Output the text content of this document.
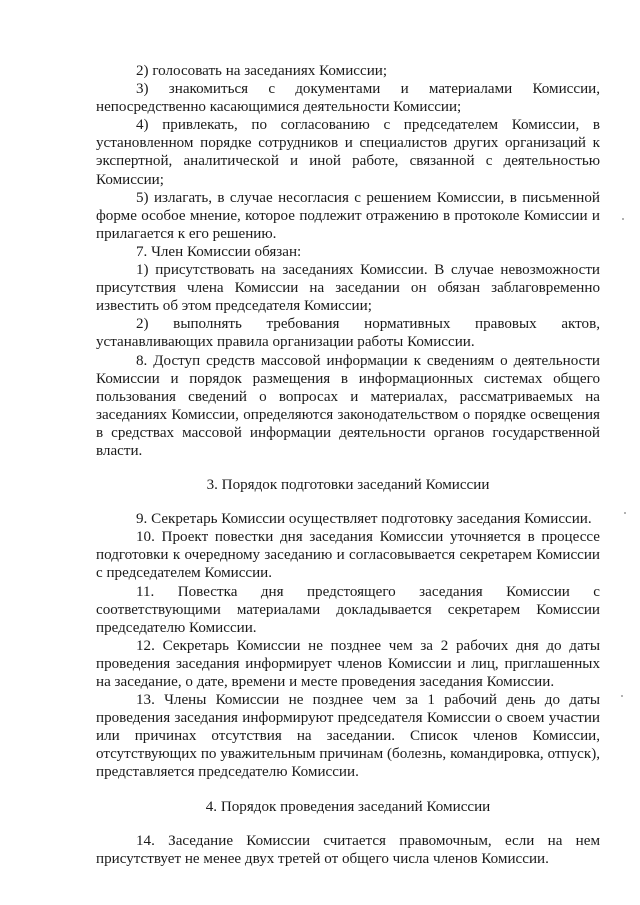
2) голосовать на заседаниях Комиссии;

3) знакомиться с документами и материалами Комиссии, непосредственно касающимися деятельности Комиссии;

4) привлекать, по согласованию с председателем Комиссии, в установленном порядке сотрудников и специалистов других организаций к экспертной, аналитической и иной работе, связанной с деятельностью Комиссии;

5) излагать, в случае несогласия с решением Комиссии, в письменной форме особое мнение, которое подлежит отражению в протоколе Комиссии и прилагается к его решению.

7. Член Комиссии обязан:

1) присутствовать на заседаниях Комиссии. В случае невозможности присутствия члена Комиссии на заседании он обязан заблаговременно известить об этом председателя Комиссии;

2) выполнять требования нормативных правовых актов, устанавливающих правила организации работы Комиссии.

8. Доступ средств массовой информации к сведениям о деятельности Комиссии и порядок размещения в информационных системах общего пользования сведений о вопросах и материалах, рассматриваемых на заседаниях Комиссии, определяются законодательством о порядке освещения в средствах массовой информации деятельности органов государственной власти.

3. Порядок подготовки заседаний Комиссии

9. Секретарь Комиссии осуществляет подготовку заседания Комиссии.

10. Проект повестки дня заседания Комиссии уточняется в процессе подготовки к очередному заседанию и согласовывается секретарем Комиссии с председателем Комиссии.

11. Повестка дня предстоящего заседания Комиссии с соответствующими материалами докладывается секретарем Комиссии председателю Комиссии.

12. Секретарь Комиссии не позднее чем за 2 рабочих дня до даты проведения заседания информирует членов Комиссии и лиц, приглашенных на заседание, о дате, времени и месте проведения заседания Комиссии.

13. Члены Комиссии не позднее чем за 1 рабочий день до даты проведения заседания информируют председателя Комиссии о своем участии или причинах отсутствия на заседании. Список членов Комиссии, отсутствующих по уважительным причинам (болезнь, командировка, отпуск), представляется председателю Комиссии.

4. Порядок проведения заседаний Комиссии

14. Заседание Комиссии считается правомочным, если на нем присутствует не менее двух третей от общего числа членов Комиссии.
